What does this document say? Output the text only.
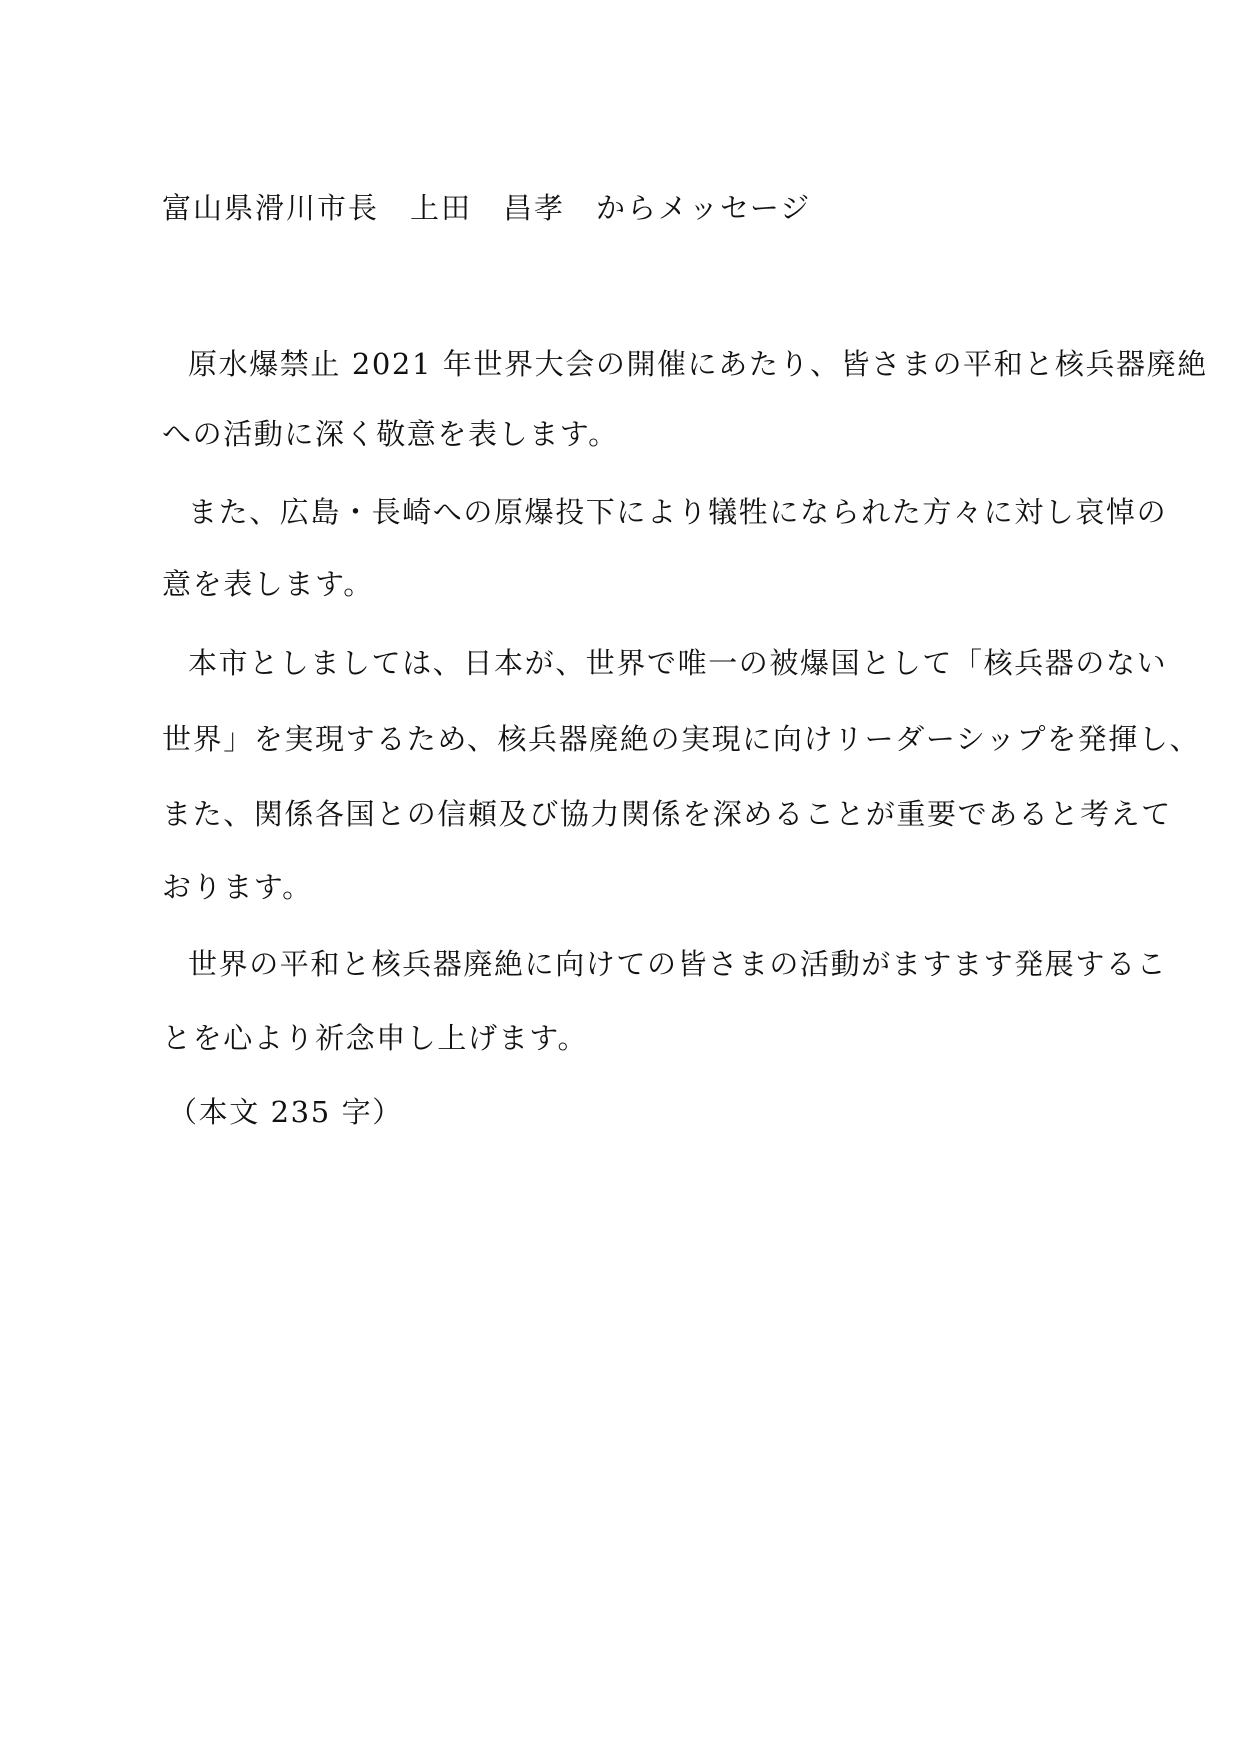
富山県滑川市長　上田　昌孝　からメッセージ
原水爆禁止 2021 年世界大会の開催にあたり、皆さまの平和と核兵器廃絶
への活動に深く敬意を表します。
また、広島・長崎への原爆投下により犠牲になられた方々に対し哀悼の
意を表します。
本市としましては、日本が、世界で唯一の被爆国として「核兵器のない
世界」を実現するため、核兵器廃絶の実現に向けリーダーシップを発揮し、
また、関係各国との信頼及び協力関係を深めることが重要であると考えて
おります。
世界の平和と核兵器廃絶に向けての皆さまの活動がますます発展するこ
とを心より祈念申し上げます。
（本文 235 字）
